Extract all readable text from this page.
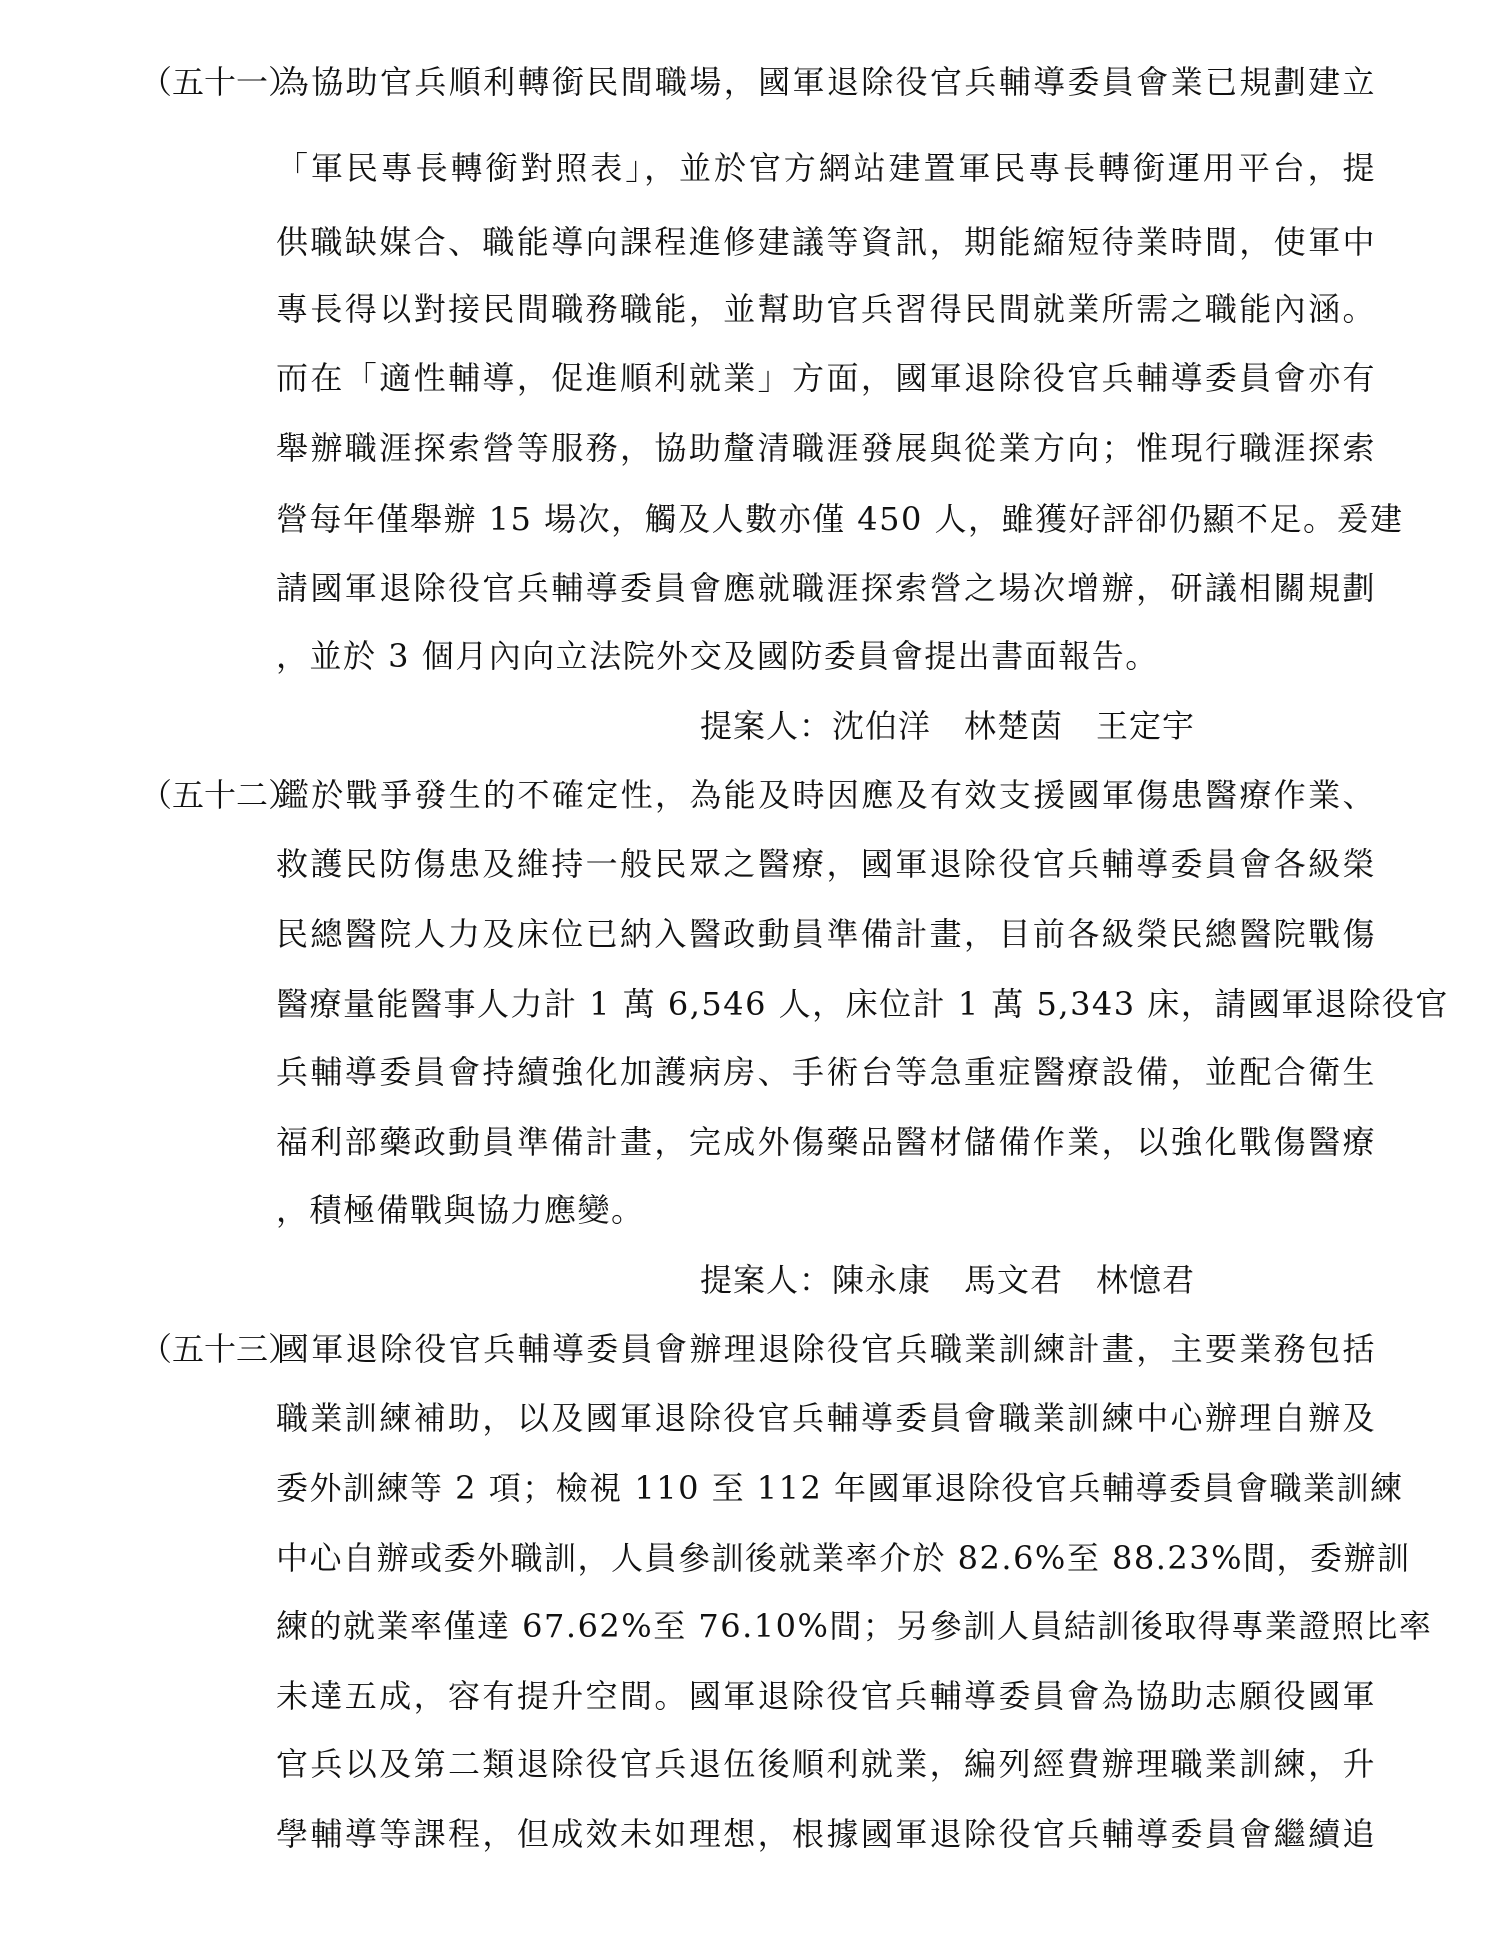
（五十一）為協助官兵順利轉銜民間職場，國軍退除役官兵輔導委員會業已規劃建立
「軍民專長轉銜對照表」，並於官方網站建置軍民專長轉銜運用平台，提
供職缺媒合、職能導向課程進修建議等資訊，期能縮短待業時間，使軍中
專長得以對接民間職務職能，並幫助官兵習得民間就業所需之職能內涵。
而在「適性輔導，促進順利就業」方面，國軍退除役官兵輔導委員會亦有
舉辦職涯探索營等服務，協助釐清職涯發展與從業方向；惟現行職涯探索
營每年僅舉辦 15 場次，觸及人數亦僅 450 人，雖獲好評卻仍顯不足。爰建
請國軍退除役官兵輔導委員會應就職涯探索營之場次增辦，研議相關規劃
，並於 3 個月內向立法院外交及國防委員會提出書面報告。
提案人：沈伯洋　林楚茵　王定宇
（五十二）鑑於戰爭發生的不確定性，為能及時因應及有效支援國軍傷患醫療作業、
救護民防傷患及維持一般民眾之醫療，國軍退除役官兵輔導委員會各級榮
民總醫院人力及床位已納入醫政動員準備計畫，目前各級榮民總醫院戰傷
醫療量能醫事人力計 1 萬 6,546 人，床位計 1 萬 5,343 床，請國軍退除役官
兵輔導委員會持續強化加護病房、手術台等急重症醫療設備，並配合衛生
福利部藥政動員準備計畫，完成外傷藥品醫材儲備作業，以強化戰傷醫療
，積極備戰與協力應變。
提案人：陳永康　馬文君　林憶君
（五十三）國軍退除役官兵輔導委員會辦理退除役官兵職業訓練計畫，主要業務包括
職業訓練補助，以及國軍退除役官兵輔導委員會職業訓練中心辦理自辦及
委外訓練等 2 項；檢視 110 至 112 年國軍退除役官兵輔導委員會職業訓練
中心自辦或委外職訓，人員參訓後就業率介於 82.6%至 88.23%間，委辦訓
練的就業率僅達 67.62%至 76.10%間；另參訓人員結訓後取得專業證照比率
未達五成，容有提升空間。國軍退除役官兵輔導委員會為協助志願役國軍
官兵以及第二類退除役官兵退伍後順利就業，編列經費辦理職業訓練，升
學輔導等課程，但成效未如理想，根據國軍退除役官兵輔導委員會繼續追
